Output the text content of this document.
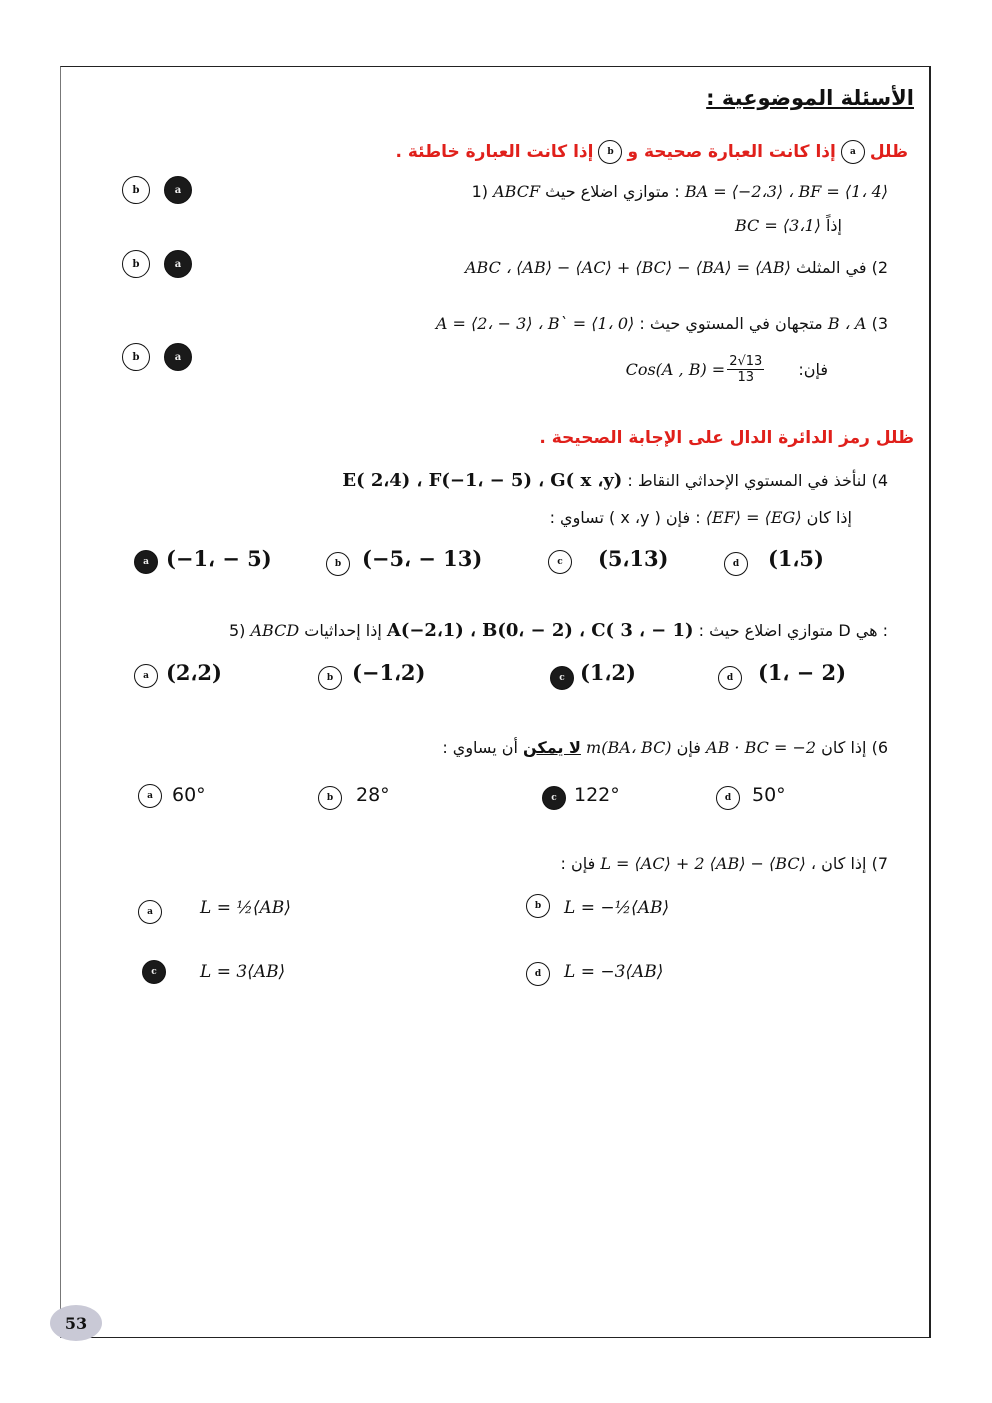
الأسئلة الموضوعية :
ظلل
a
إذا كانت العبارة صحيحة و
b
إذا كانت العبارة خاطئة .
1) ABCF متوازي اضلاع حيث : BA = ⟨−2،3⟩ ، BF = ⟨1، 4⟩
إذاً BC = ⟨3،1⟩
b	a
2) في المثلث ABC ، ⟨AB⟩ − ⟨AC⟩ + ⟨BC⟩ − ⟨BA⟩ = ⟨AB⟩
b	a
3) B ، A متجهان في المستوي حيث : A = ⟨2، − 3⟩ ، B` = ⟨1، 0⟩
فإن:
Cos(A , $B) = \frac{2√13}{13}$
b	a
ظلل رمز الدائرة الدال على الإجابة الصحيحة .
4) لنأخذ في المستوي الإحداثي النقاط : E( 2،4) ، F(−1، − 5) ، G( x ،y)
إذا كان ⟨EF⟩ = ⟨EG⟩ : فإن ( x ،y ) تساوي :
a (−1، − 5)	b (−5، − 13)	c	(5،13)	d	(1،5)
5) ABCD	متوازي اضلاع حيث : A(−2،1) ، B(0، − 2) ، C( 3 ، − 1) إذا إحداثيات D هي :
a (2،2)	b (−1،2)	c (1،2)	d	(1، − 2)
6) إذا كان AB · BC = −2 فإن m(BA، BC) لا يمكن أن يساوي :
a	60°	b	28°	c 122°	d	50°
7) إذا كان ، L = ⟨AC⟩ + 2 ⟨AB⟩ − ⟨BC⟩ فإن :
a	L = ½⟨AB⟩	b	L = −½⟨AB⟩
c	L = 3⟨AB⟩	d	L = −3⟨AB⟩
53
